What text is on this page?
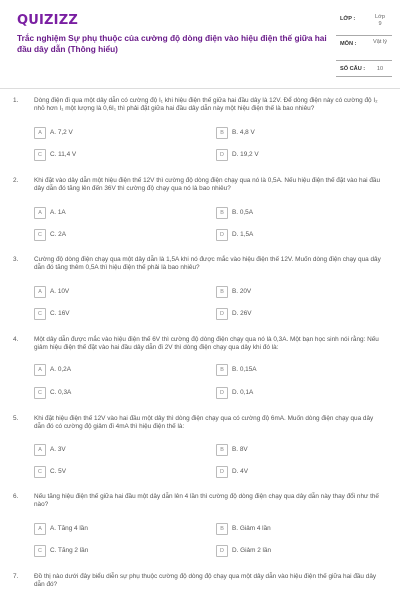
QUIZIZZ
Trắc nghiệm Sự phụ thuộc của cường độ dòng điện vào hiệu điện thế giữa hai đầu dây dẫn (Thông hiểu)
LỚP :	Lớp 9
MÔN :	Vật lý
SỐ CÂU :	10
1. Dòng điện đi qua một dây dẫn có cường độ I₁ khi hiệu điện thế giữa hai đầu dây là 12V. Để dòng điện này có cường độ I₂ nhỏ hơn I₁ một lượng là 0,6I₁ thì phải đặt giữa hai đầu dây dẫn này một hiệu điện thế là bao nhiêu?
A	A. 7,2 V	B	B. 4,8 V
C	C. 11,4 V	D	D. 19,2 V
2. Khi đặt vào dây dẫn một hiệu điện thế 12V thì cường độ dòng điện chạy qua nó là 0,5A. Nếu hiệu điện thế đặt vào hai đầu dây dẫn đó tăng lên đến 36V thì cường độ chạy qua nó là bao nhiêu?
A	A. 1A	B	B. 0,5A
C	C. 2A	D	D. 1,5A
3. Cường độ dòng điện chạy qua một dây dẫn là 1,5A khi nó được mắc vào hiệu điện thế 12V. Muốn dòng điện chạy qua dây dẫn đó tăng thêm 0,5A thì hiệu điện thế phải là bao nhiêu?
A	A. 10V	B	B. 20V
C	C. 16V	D	D. 26V
4. Một dây dẫn được mắc vào hiệu điện thế 6V thì cường độ dòng điện chạy qua nó là 0,3A. Một bạn học sinh nói rằng: Nếu giảm hiệu điện thế đặt vào hai đầu dây dẫn đi 2V thì dòng điện chạy qua dây khi đó là:
A	A. 0,2A	B	B. 0,15A
C	C. 0,3A	D	D. 0,1A
5. Khi đặt hiệu điện thế 12V vào hai đầu một dây thì dòng điện chạy qua có cường độ 6mA. Muốn dòng điện chạy qua dây dẫn đó có cường độ giảm đi 4mA thì hiệu điện thế là:
A	A. 3V	B	B. 8V
C	C. 5V	D	D. 4V
6. Nếu tăng hiệu điện thế giữa hai đầu một dây dẫn lên 4 lần thì cường độ dòng điện chạy qua dây dẫn này thay đổi như thế nào?
A	A. Tăng 4 lần	B	B. Giảm 4 lần
C	C. Tăng 2 lần	D	D. Giảm 2 lần
7. Đồ thị nào dưới đây biểu diễn sự phụ thuộc cường độ dòng độ chạy qua một dây dẫn vào hiệu điện thế giữa hai đầu dây dẫn đó?
